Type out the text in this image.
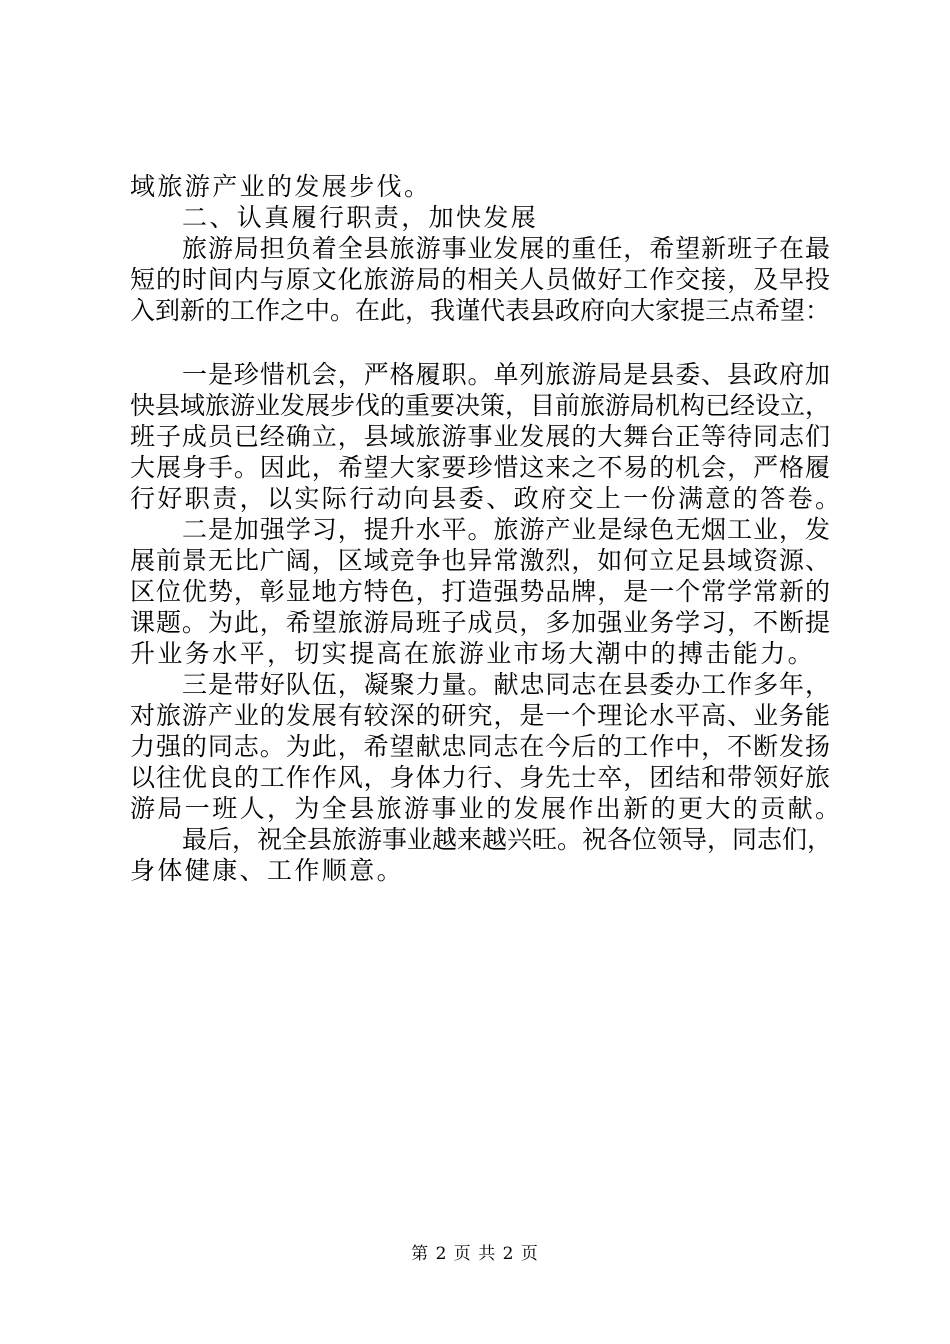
域旅游产业的发展步伐。
二、认真履行职责，加快发展
旅游局担负着全县旅游事业发展的重任，希望新班子在最
短的时间内与原文化旅游局的相关人员做好工作交接，及早投
入到新的工作之中。在此，我谨代表县政府向大家提三点希望：
一是珍惜机会，严格履职。单列旅游局是县委、县政府加
快县域旅游业发展步伐的重要决策，目前旅游局机构已经设立，
班子成员已经确立，县域旅游事业发展的大舞台正等待同志们
大展身手。因此，希望大家要珍惜这来之不易的机会，严格履
行好职责，以实际行动向县委、政府交上一份满意的答卷。
二是加强学习，提升水平。旅游产业是绿色无烟工业，发
展前景无比广阔，区域竞争也异常激烈，如何立足县域资源、
区位优势，彰显地方特色，打造强势品牌，是一个常学常新的
课题。为此，希望旅游局班子成员，多加强业务学习，不断提
升业务水平，切实提高在旅游业市场大潮中的搏击能力。
三是带好队伍，凝聚力量。献忠同志在县委办工作多年，
对旅游产业的发展有较深的研究，是一个理论水平高、业务能
力强的同志。为此，希望献忠同志在今后的工作中，不断发扬
以往优良的工作作风，身体力行、身先士卒，团结和带领好旅
游局一班人，为全县旅游事业的发展作出新的更大的贡献。
最后，祝全县旅游事业越来越兴旺。祝各位领导，同志们，
身体健康、工作顺意。
第 2 页 共 2 页
